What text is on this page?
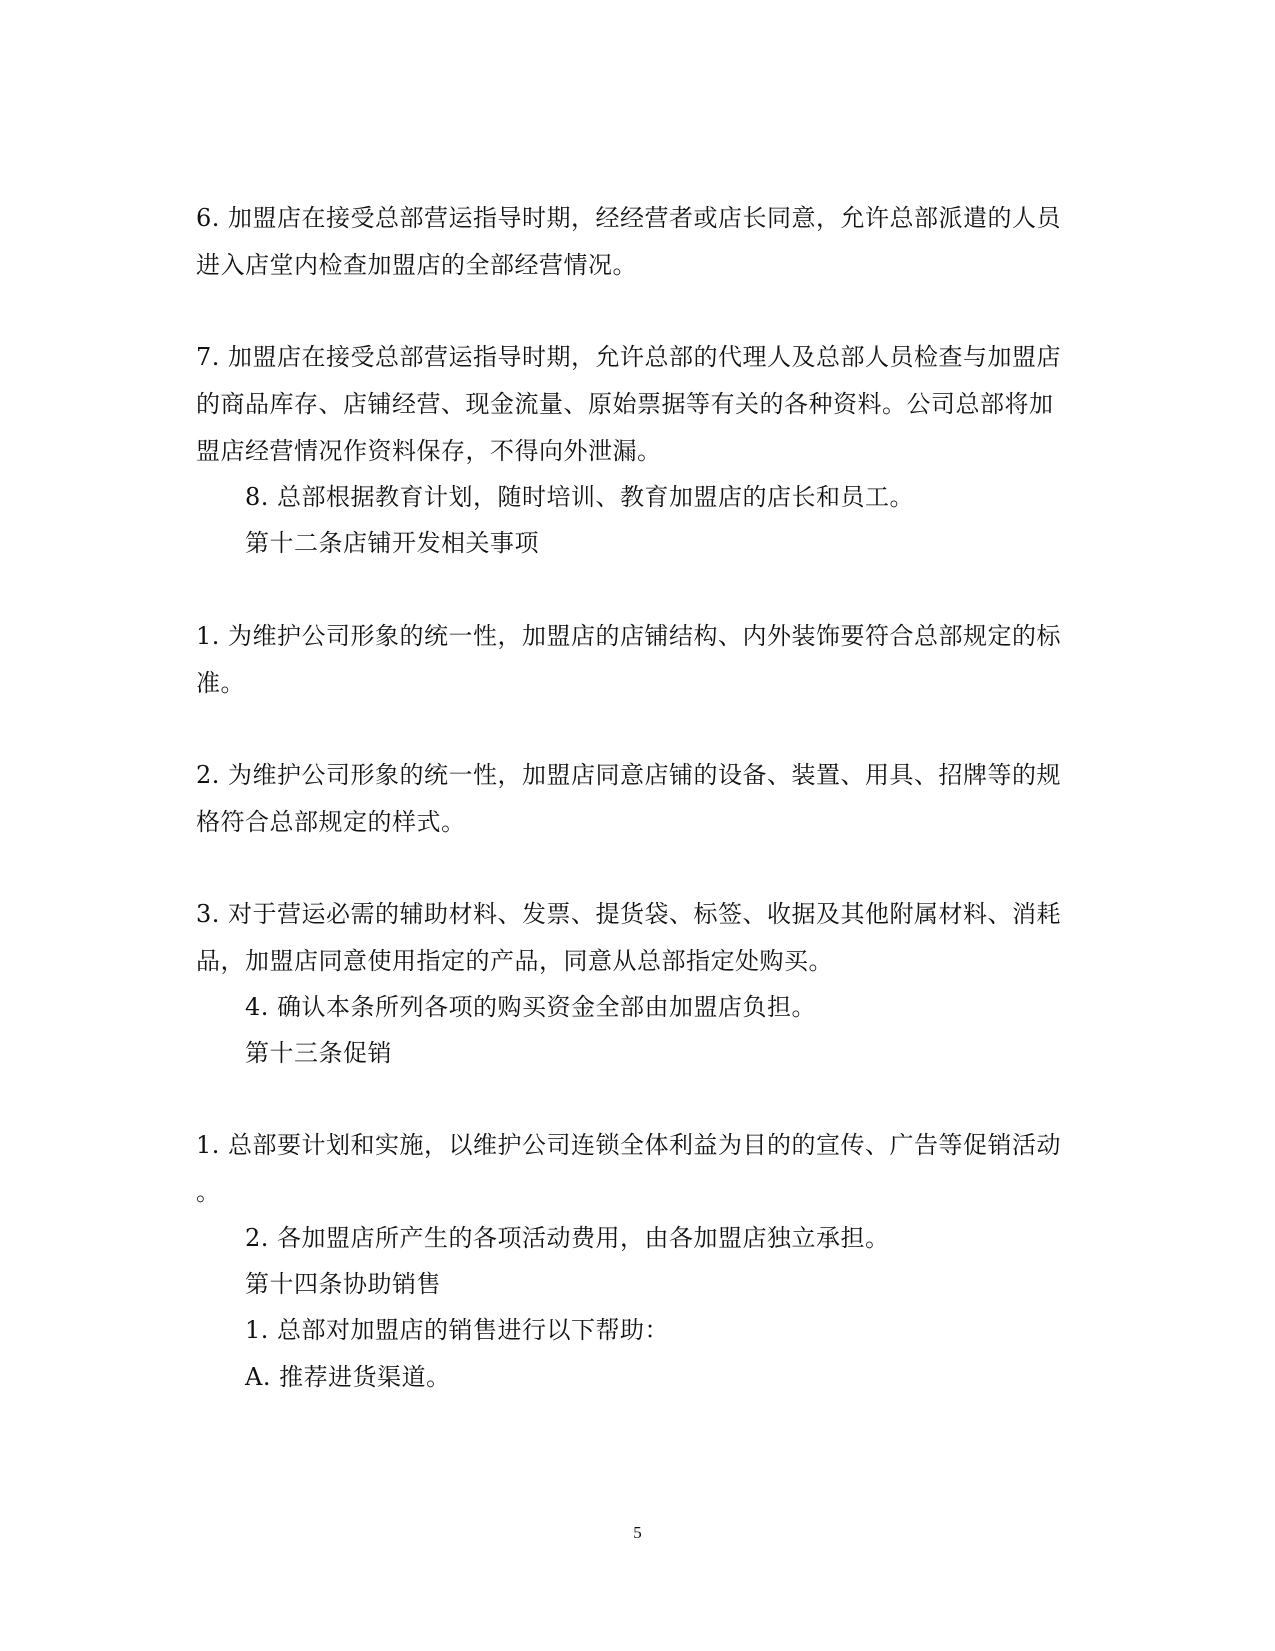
6. 加盟店在接受总部营运指导时期，经经营者或店长同意，允许总部派遣的人员
进入店堂内检查加盟店的全部经营情况。
7. 加盟店在接受总部营运指导时期，允许总部的代理人及总部人员检查与加盟店
的商品库存、店铺经营、现金流量、原始票据等有关的各种资料。公司总部将加
盟店经营情况作资料保存，不得向外泄漏。
8. 总部根据教育计划，随时培训、教育加盟店的店长和员工。
第十二条店铺开发相关事项
1. 为维护公司形象的统一性，加盟店的店铺结构、内外装饰要符合总部规定的标
准。
2. 为维护公司形象的统一性，加盟店同意店铺的设备、装置、用具、招牌等的规
格符合总部规定的样式。
3. 对于营运必需的辅助材料、发票、提货袋、标签、收据及其他附属材料、消耗
品，加盟店同意使用指定的产品，同意从总部指定处购买。
4. 确认本条所列各项的购买资金全部由加盟店负担。
第十三条促销
1. 总部要计划和实施，以维护公司连锁全体利益为目的的宣传、广告等促销活动
。
2. 各加盟店所产生的各项活动费用，由各加盟店独立承担。
第十四条协助销售
1. 总部对加盟店的销售进行以下帮助：
A. 推荐进货渠道。
5
